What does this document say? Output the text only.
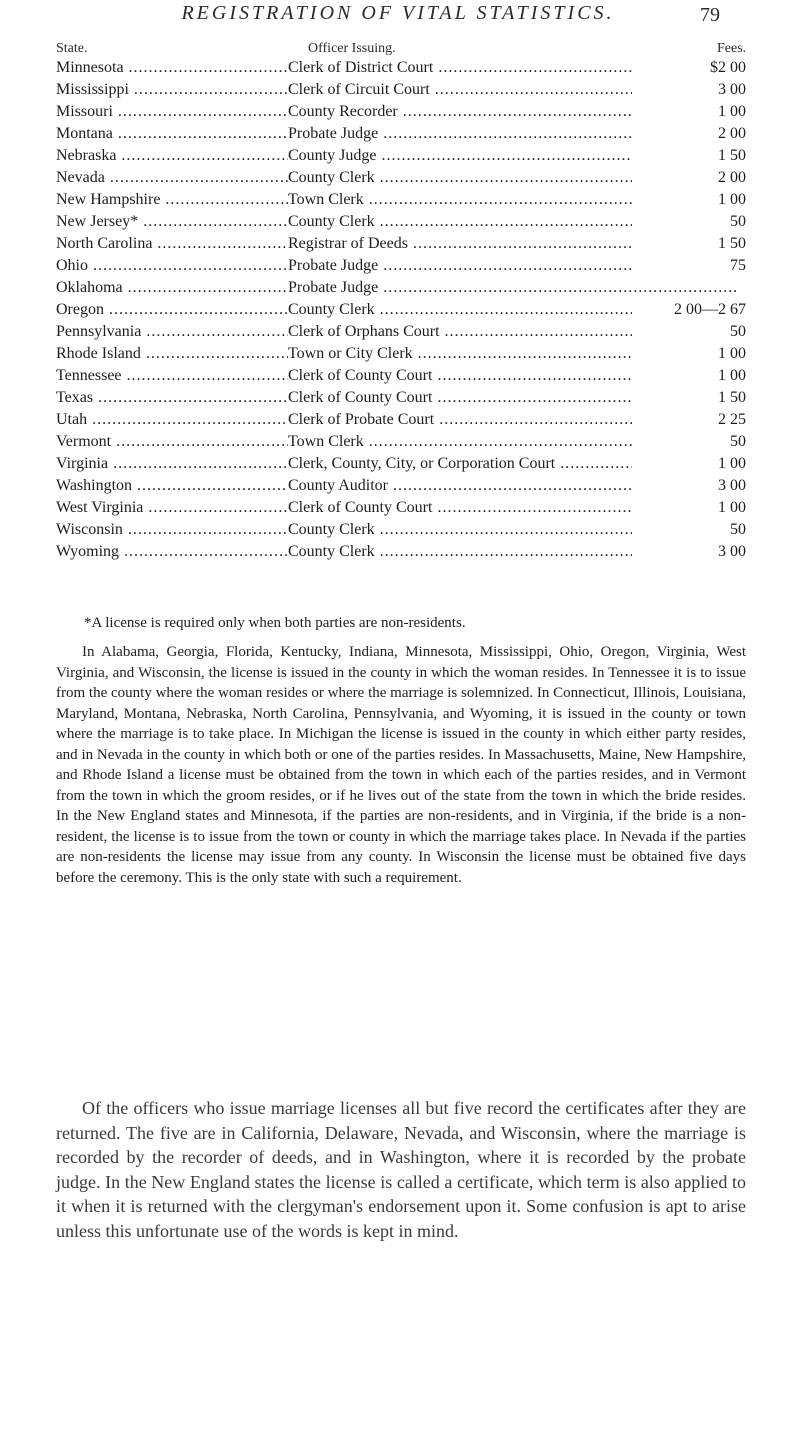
REGISTRATION OF VITAL STATISTICS.	79
State.	Officer Issuing.	Fees.
Minnesota .....	Clerk of District Court .....	$2 00
Mississippi .....	Clerk of Circuit Court .....	3 00
Missouri .....	County Recorder .....	1 00
Montana .....	Probate Judge .....	2 00
Nebraska .....	County Judge .....	1 50
Nevada .....	County Clerk .....	2 00
New Hampshire .....	Town Clerk .....	1 00
New Jersey* .....	County Clerk .....	50
North Carolina .....	Registrar of Deeds .....	1 50
Ohio .....	Probate Judge .....	75
Oklahoma .....	Probate Judge .....
Oregon .....	County Clerk .....	2 00—2 67
Pennsylvania .....	Clerk of Orphans Court .....	50
Rhode Island .....	Town or City Clerk .....	1 00
Tennessee .....	Clerk of County Court .....	1 00
Texas .....	Clerk of County Court .....	1 50
Utah .....	Clerk of Probate Court .....	2 25
Vermont .....	Town Clerk .....	50
Virginia .....	Clerk, County, City, or Corporation Court .....	1 00
Washington .....	County Auditor .....	3 00
West Virginia .....	Clerk of County Court .....	1 00
Wisconsin .....	County Clerk .....	50
Wyoming .....	County Clerk .....	3 00
*A license is required only when both parties are non-residents.

In Alabama, Georgia, Florida, Kentucky, Indiana, Minnesota, Mississippi, Ohio, Oregon, Virginia, West Virginia, and Wisconsin, the license is issued in the county in which the woman resides. In Tennessee it is to issue from the county where the woman resides or where the marriage is solemnized. In Connecticut, Illinois, Louisiana, Maryland, Montana, Nebraska, North Carolina, Pennsylvania, and Wyoming, it is issued in the county or town where the marriage is to take place. In Michigan the license is issued in the county in which either party resides, and in Nevada in the county in which both or one of the parties resides. In Massachusetts, Maine, New Hampshire, and Rhode Island a license must be obtained from the town in which each of the parties resides, and in Vermont from the town in which the groom resides, or if he lives out of the state from the town in which the bride resides. In the New England states and Minnesota, if the parties are non-residents, and in Virginia, if the bride is a non-resident, the license is to issue from the town or county in which the marriage takes place. In Nevada if the parties are non-residents the license may issue from any county. In Wisconsin the license must be obtained five days before the ceremony. This is the only state with such a requirement.

Of the officers who issue marriage licenses all but five record the certificates after they are returned. The five are in California, Delaware, Nevada, and Wisconsin, where the marriage is recorded by the recorder of deeds, and in Washington, where it is recorded by the probate judge. In the New England states the license is called a certificate, which term is also applied to it when it is returned with the clergyman's endorsement upon it. Some confusion is apt to arise unless this unfortunate use of the words is kept in mind.
